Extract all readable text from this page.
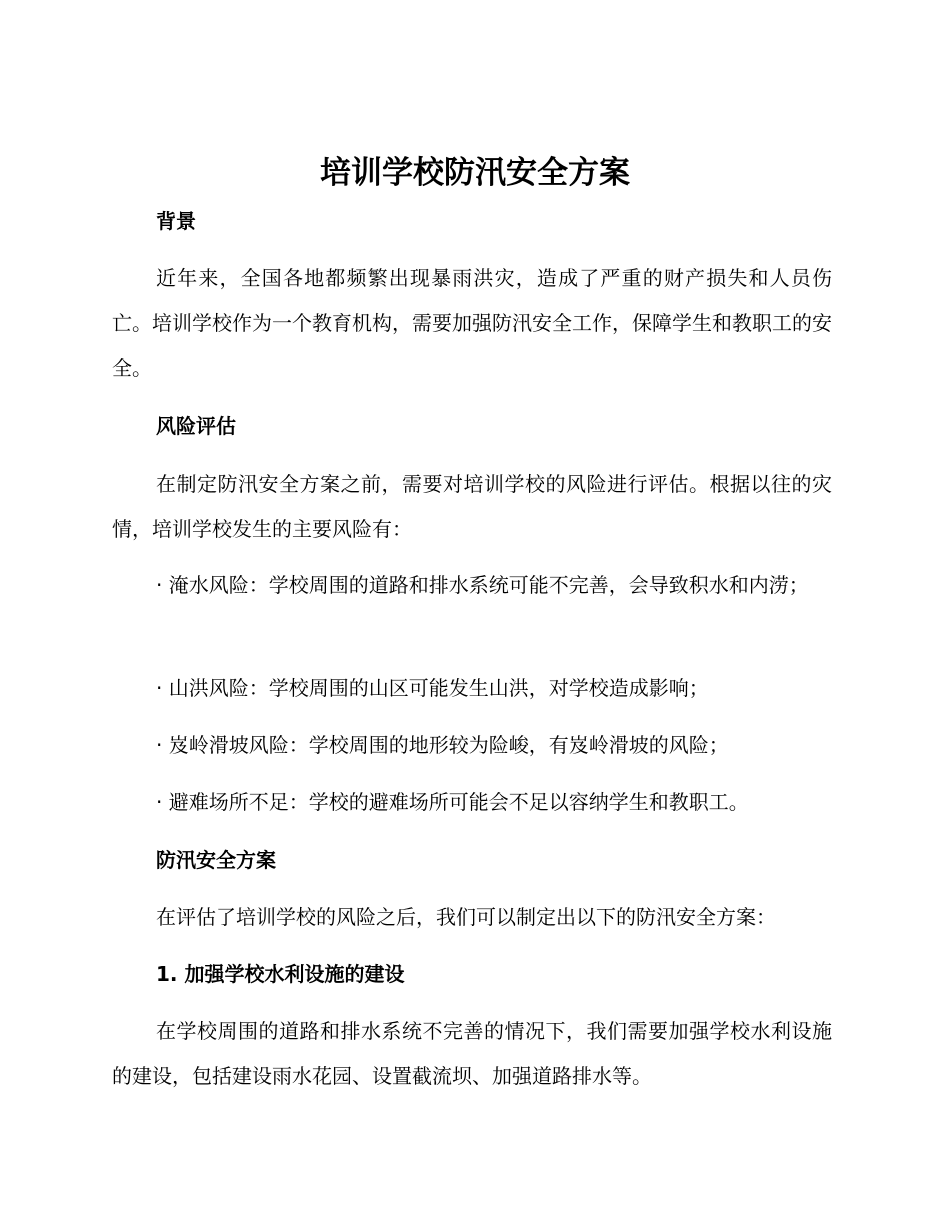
培训学校防汛安全方案
背景

近年来，全国各地都频繁出现暴雨洪灾，造成了严重的财产损失和人员伤亡。培训学校作为一个教育机构，需要加强防汛安全工作，保障学生和教职工的安全。

风险评估

在制定防汛安全方案之前，需要对培训学校的风险进行评估。根据以往的灾情，培训学校发生的主要风险有：

· 淹水风险：学校周围的道路和排水系统可能不完善，会导致积水和内涝；

· 山洪风险：学校周围的山区可能发生山洪，对学校造成影响；

· 岌岭滑坡风险：学校周围的地形较为险峻，有岌岭滑坡的风险；

· 避难场所不足：学校的避难场所可能会不足以容纳学生和教职工。

防汛安全方案

在评估了培训学校的风险之后，我们可以制定出以下的防汛安全方案：

1. 加强学校水利设施的建设

在学校周围的道路和排水系统不完善的情况下，我们需要加强学校水利设施的建设，包括建设雨水花园、设置截流坝、加强道路排水等。
